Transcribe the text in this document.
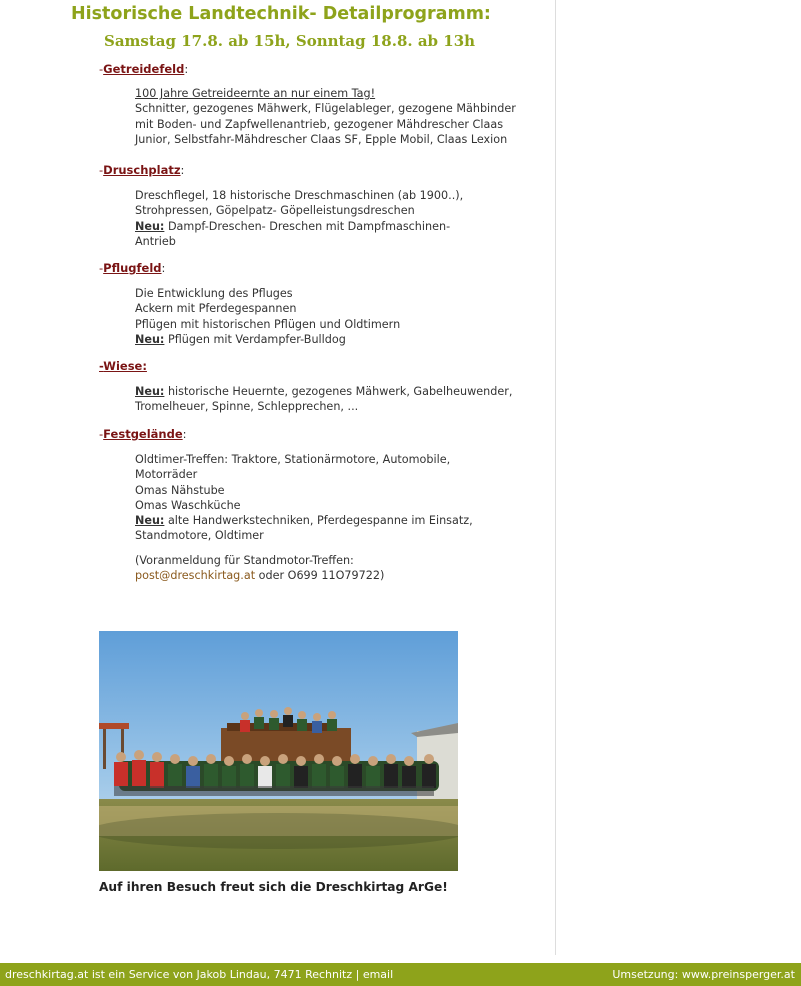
Historische Landtechnik- Detailprogramm:
Samstag 17.8. ab 15h, Sonntag 18.8. ab 13h
-Getreidefeld:
100 Jahre Getreideernte an nur einem Tag!
Schnitter, gezogenes Mähwerk, Flügelableger, gezogene Mähbinder
mit Boden- und Zapfwellenantrieb, gezogener Mähdrescher Claas
Junior, Selbstfahr-Mähdrescher Claas SF, Epple Mobil, Claas Lexion
-Druschplatz:
Dreschflegel, 18 historische Dreschmaschinen (ab 1900..),
Strohpressen, Göpelpatz- Göpelleistungsdreschen
Neu: Dampf-Dreschen- Dreschen mit Dampfmaschinen-
Antrieb
-Pflugfeld:
Die Entwicklung des Pfluges
Ackern mit Pferdegespannen
Pflügen mit historischen Pflügen und Oldtimern
Neu: Pflügen mit Verdampfer-Bulldog
-Wiese:
Neu: historische Heuernte, gezogenes Mähwerk, Gabelheuwender,
Tromelheuer, Spinne, Schlepprechen, ...
-Festgelände:
Oldtimer-Treffen: Traktore, Stationärmotore, Automobile,
Motorräder
Omas Nähstube
Omas Waschküche
Neu: alte Handwerkstechniken, Pferdegespanne im Einsatz,
Standmotore, Oldtimer
(Voranmeldung für Standmotor-Treffen:
post@dreschkirtag.at oder O699 11O79722)
Auf ihren Besuch freut sich die Dreschkirtag ArGe!
dreschkirtag.at ist ein Service von Jakob Lindau, 7471 Rechnitz | email	Umsetzung: www.preinsperger.at
